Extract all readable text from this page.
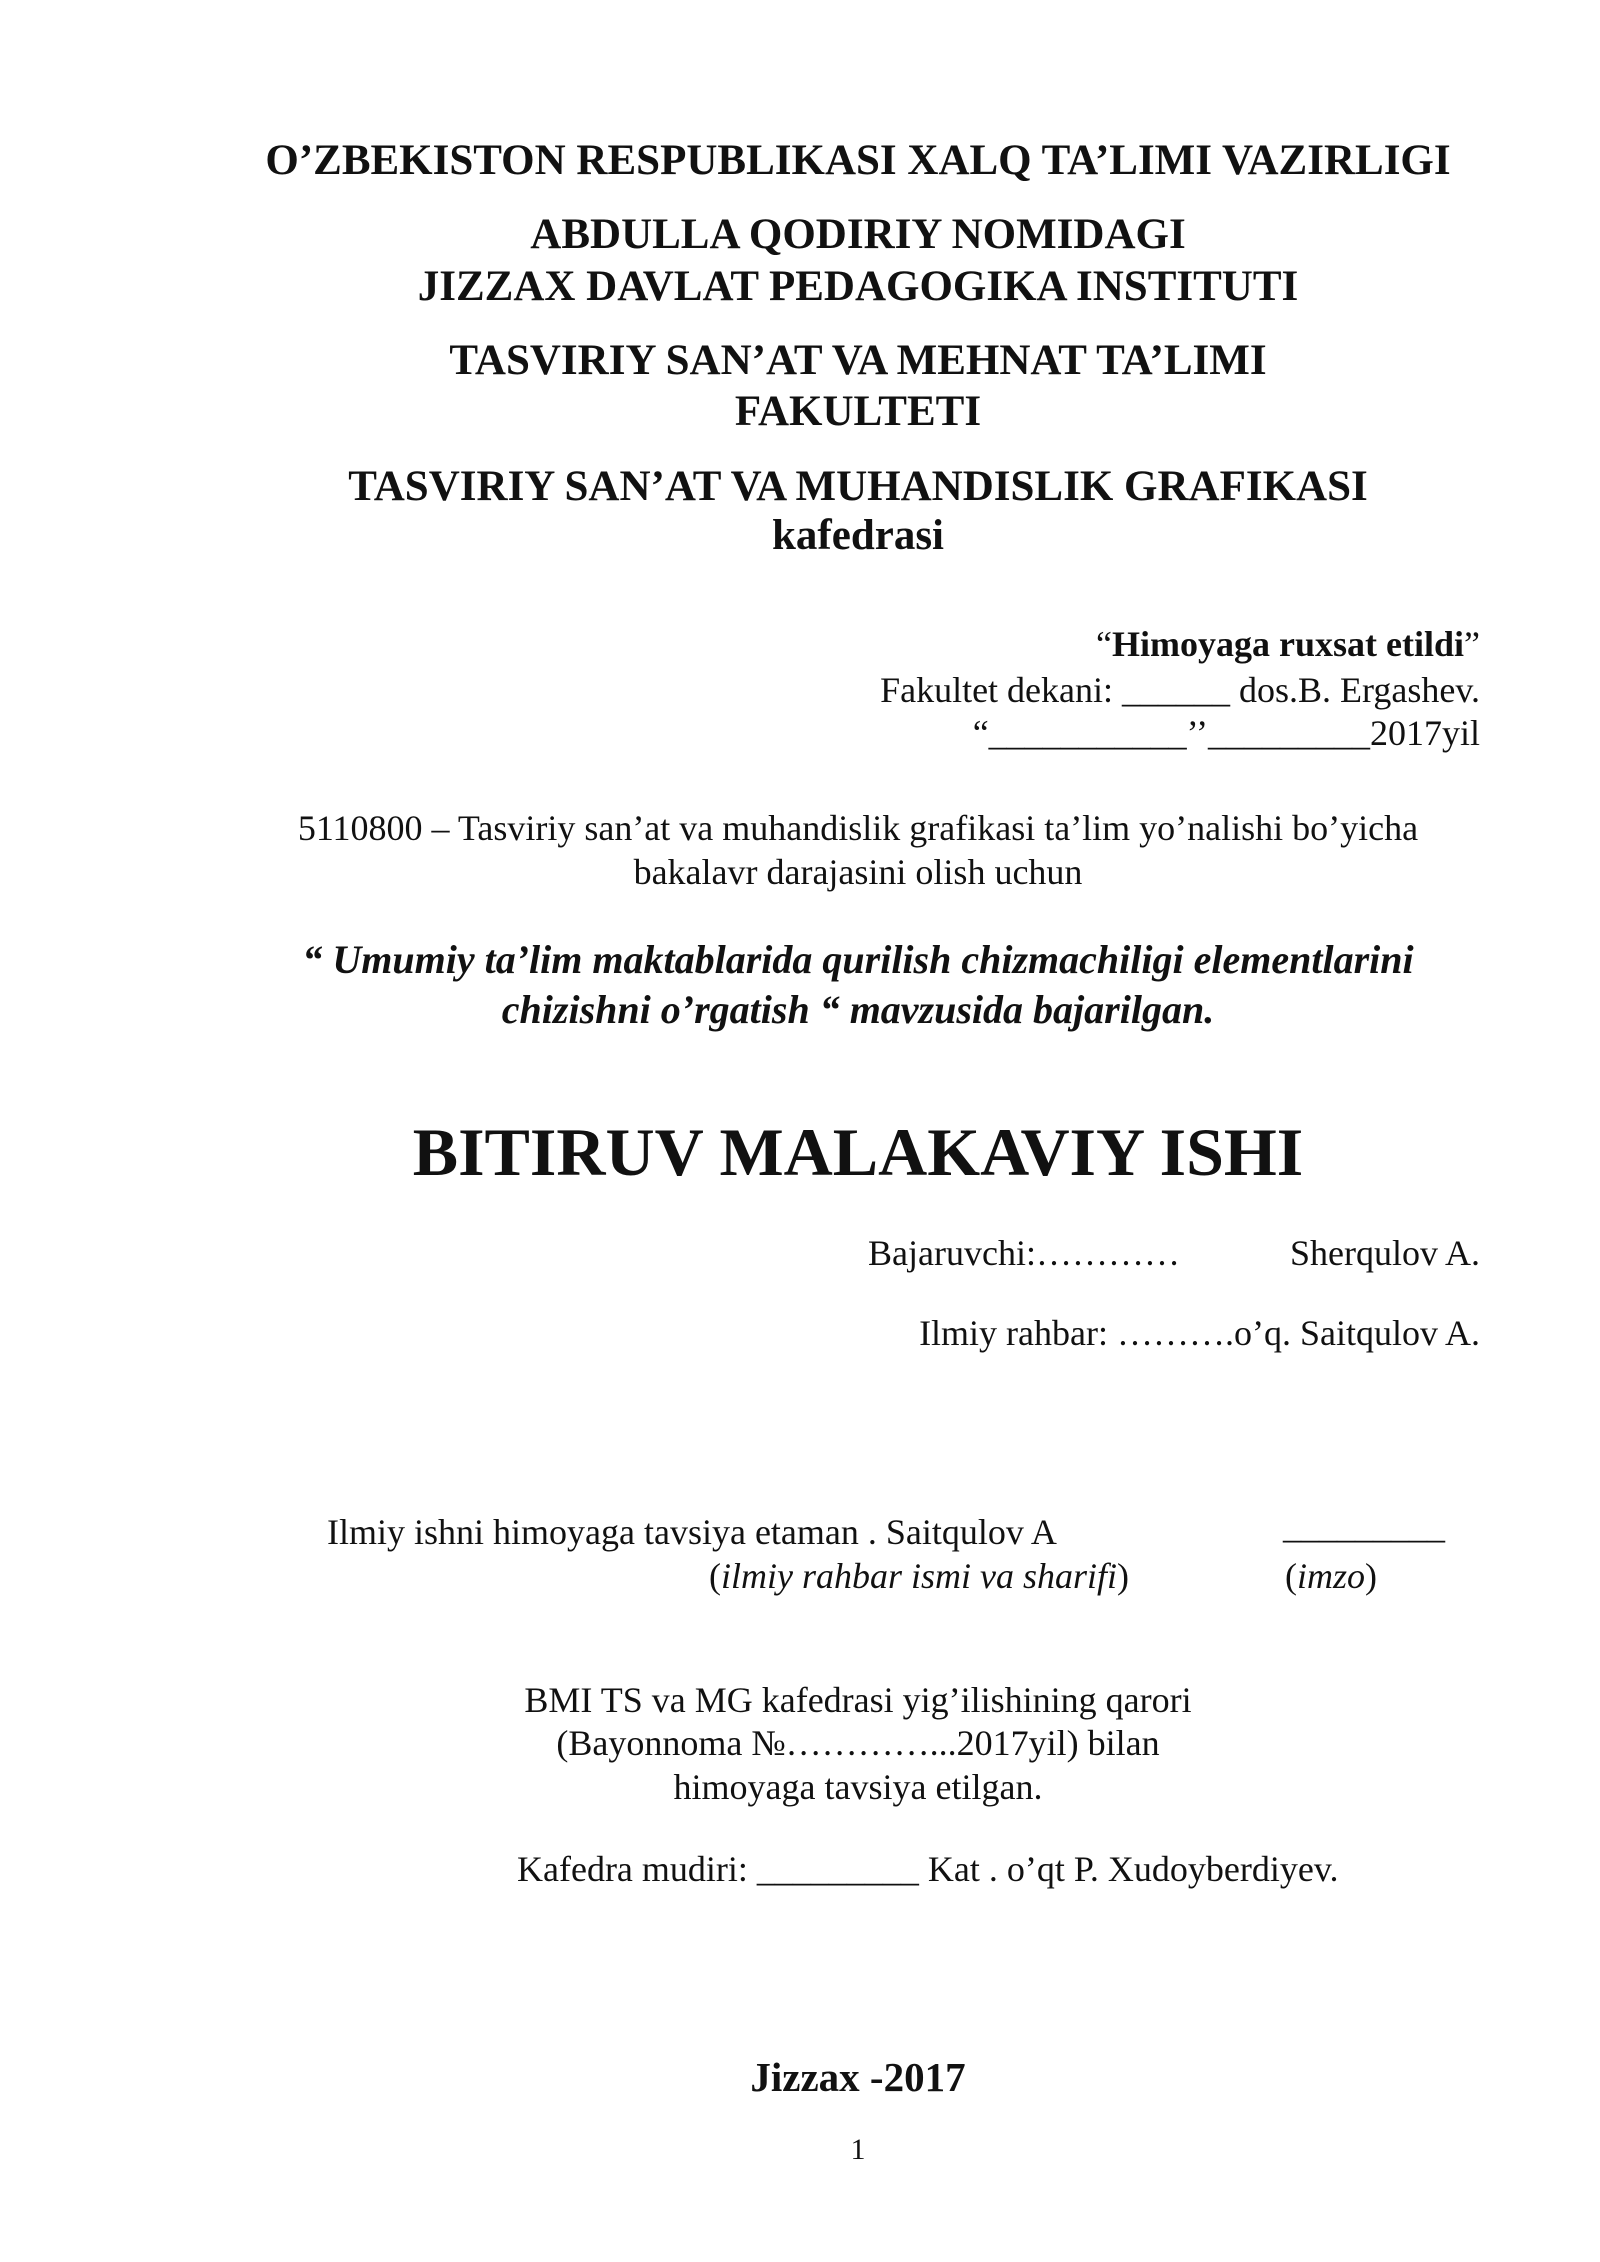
O’ZBEKISTON RESPUBLIKASI XALQ TA’LIMI VAZIRLIGI
ABDULLA QODIRIY NOMIDAGI
JIZZAX DAVLAT PEDAGOGIKA INSTITUTI
TASVIRIY SAN’AT VA MEHNAT TA’LIMI
FAKULTETI
TASVIRIY SAN’AT VA MUHANDISLIK GRAFIKASI
kafedrasi
“Himoyaga ruxsat etildi”
Fakultet dekani: ______ dos.B. Ergashev.
“___________’’_________2017yil
5110800 – Tasviriy san’at va muhandislik grafikasi ta’lim yo’nalishi bo’yicha
bakalavr darajasini olish uchun
“ Umumiy ta’lim maktablarida qurilish chizmachiligi elementlarini
chizishni o’rgatish “ mavzusida bajarilgan.
BITIRUV MALAKAVIY ISHI
Bajaruvchi:…………	Sherqulov A.
Ilmiy rahbar: ……….o’q. Saitqulov A.
Ilmiy ishni himoyaga tavsiya etaman . Saitqulov A	_________
(ilmiy rahbar ismi va sharifi)	(imzo)
BMI TS va MG kafedrasi yig’ilishining qarori
(Bayonnoma №…………...2017yil) bilan
himoyaga tavsiya etilgan.
Kafedra mudiri: _________ Kat . o’qt P. Xudoyberdiyev.
Jizzax -2017
1
